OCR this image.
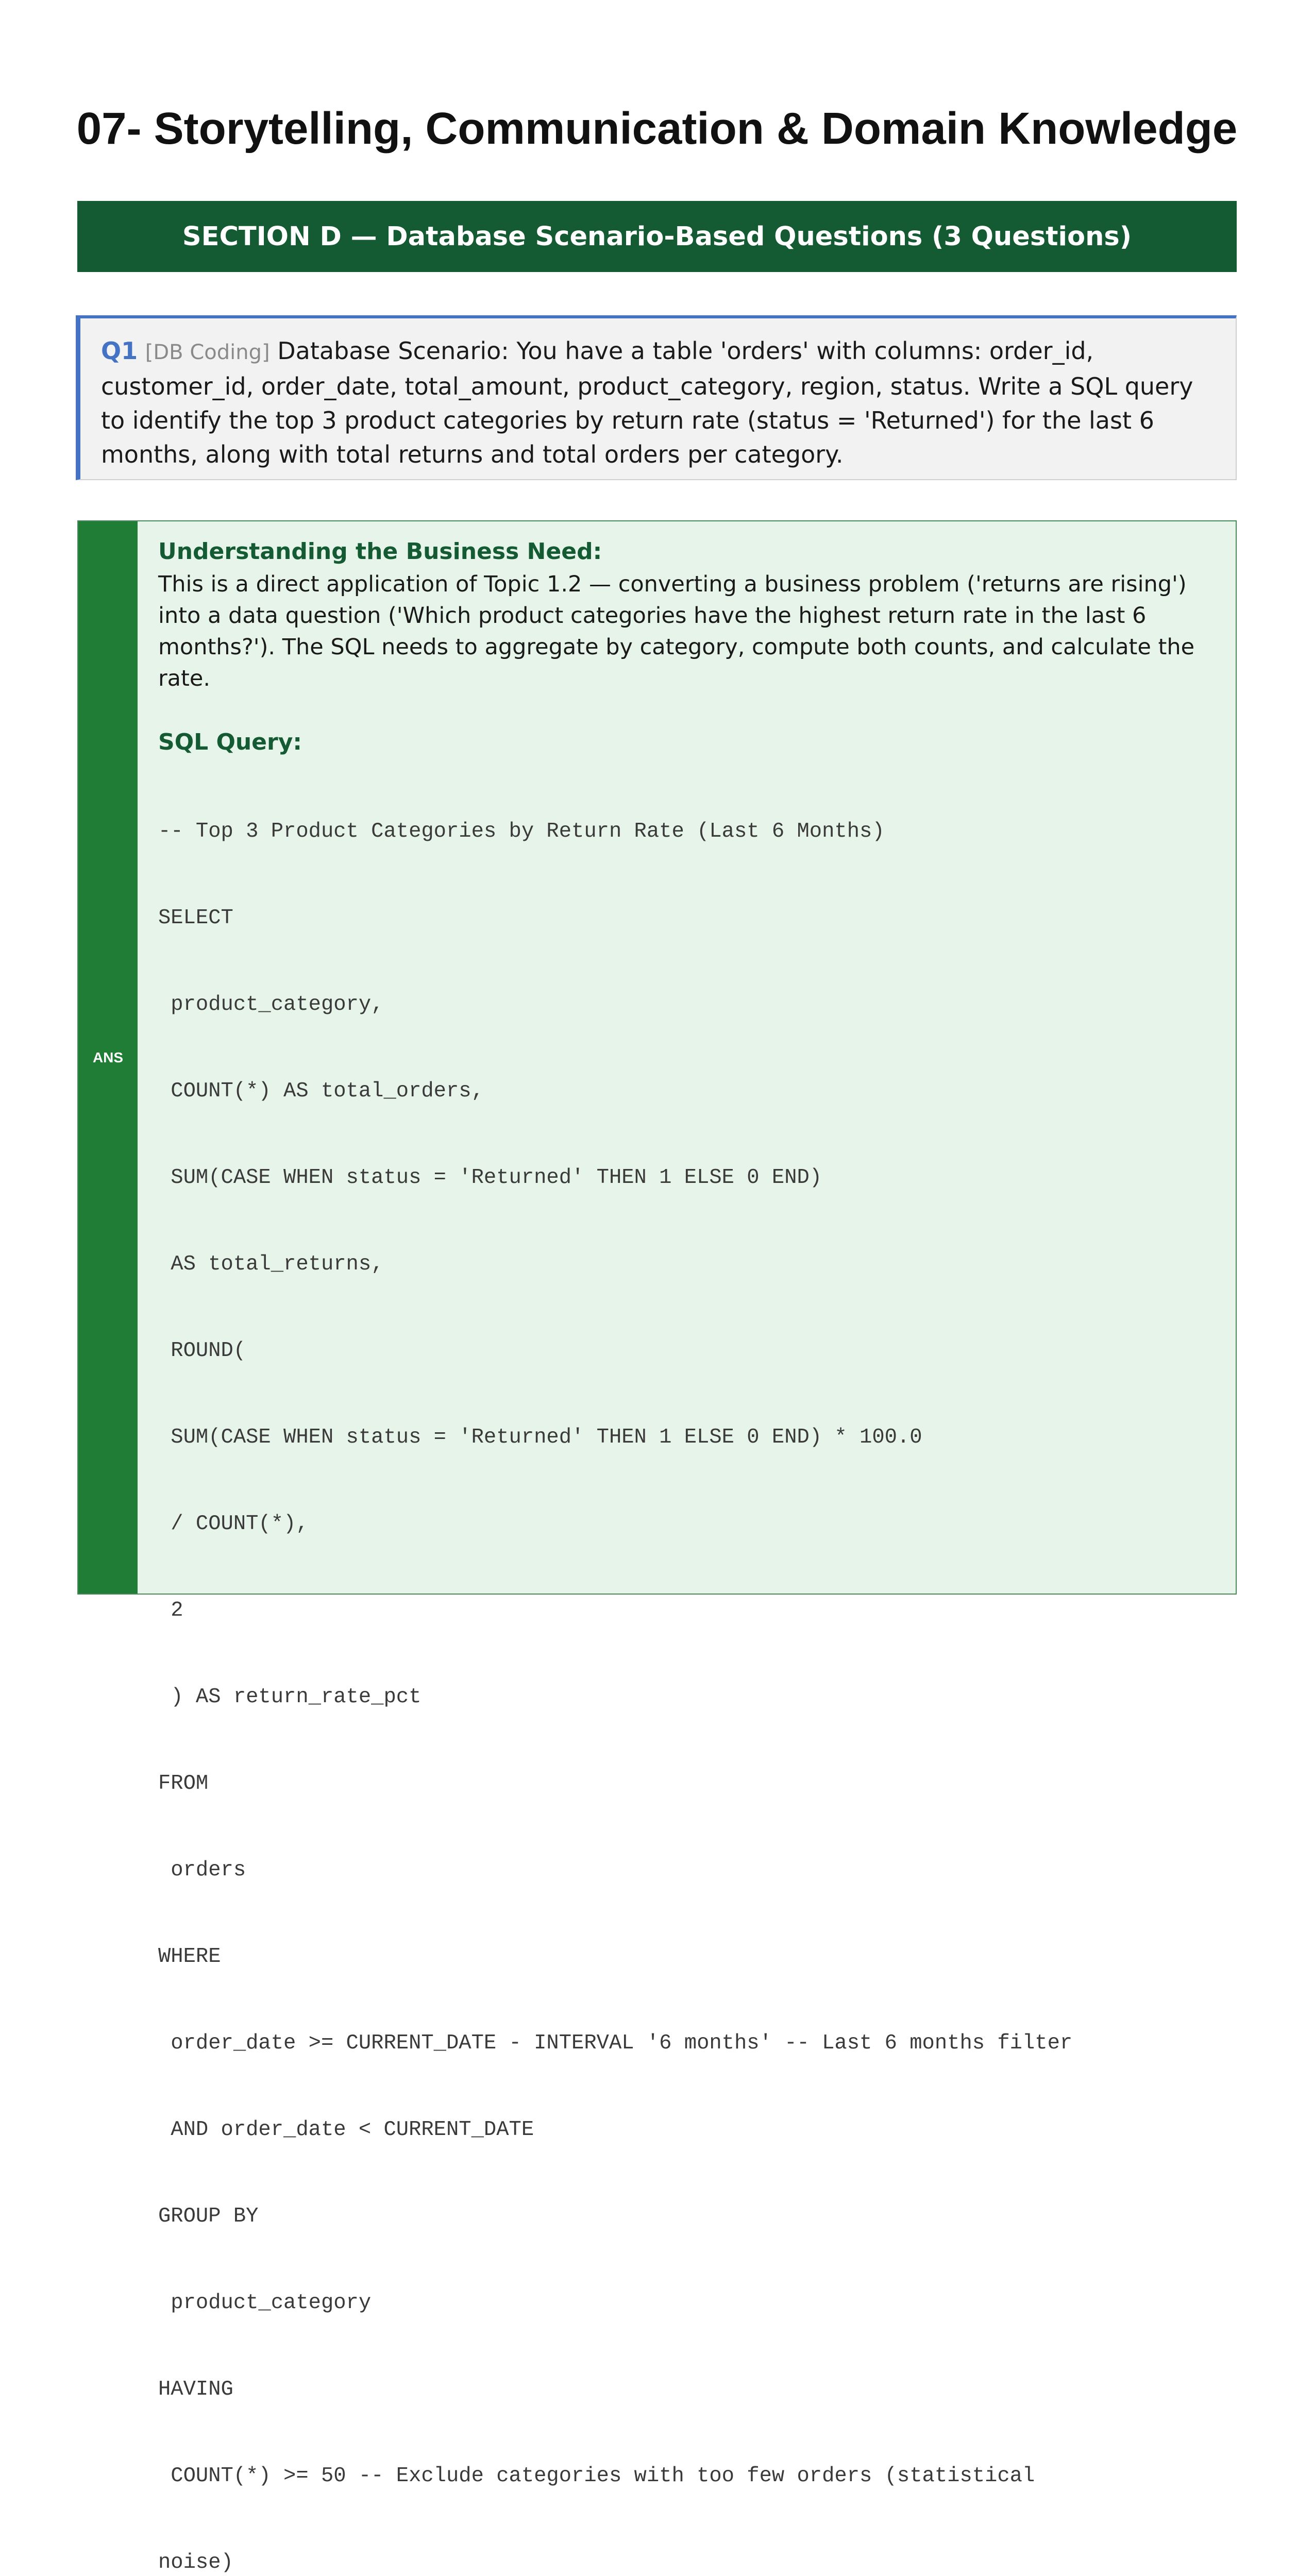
07- Storytelling, Communication & Domain Knowledge
SECTION D — Database Scenario-Based Questions (3 Questions)
Q1 [DB Coding] Database Scenario: You have a table 'orders' with columns: order_id, customer_id, order_date, total_amount, product_category, region, status. Write a SQL query to identify the top 3 product categories by return rate (status = 'Returned') for the last 6 months, along with total returns and total orders per category.
ANS

Understanding the Business Need:

This is a direct application of Topic 1.2 — converting a business problem ('returns are rising') into a data question ('Which product categories have the highest return rate in the last 6 months?'). The SQL needs to aggregate by category, compute both counts, and calculate the rate.

SQL Query:

-- Top 3 Product Categories by Return Rate (Last 6 Months)

SELECT

product_category,

COUNT(*) AS total_orders,

SUM(CASE WHEN status = 'Returned' THEN 1 ELSE 0 END)

AS total_returns,

ROUND(

SUM(CASE WHEN status = 'Returned' THEN 1 ELSE 0 END) * 100.0

/ COUNT(*),

2

) AS return_rate_pct

FROM

orders

WHERE

order_date >= CURRENT_DATE - INTERVAL '6 months' -- Last 6 months filter

AND order_date < CURRENT_DATE

GROUP BY

product_category

HAVING

COUNT(*) >= 50 -- Exclude categories with too few orders (statistical

noise)
